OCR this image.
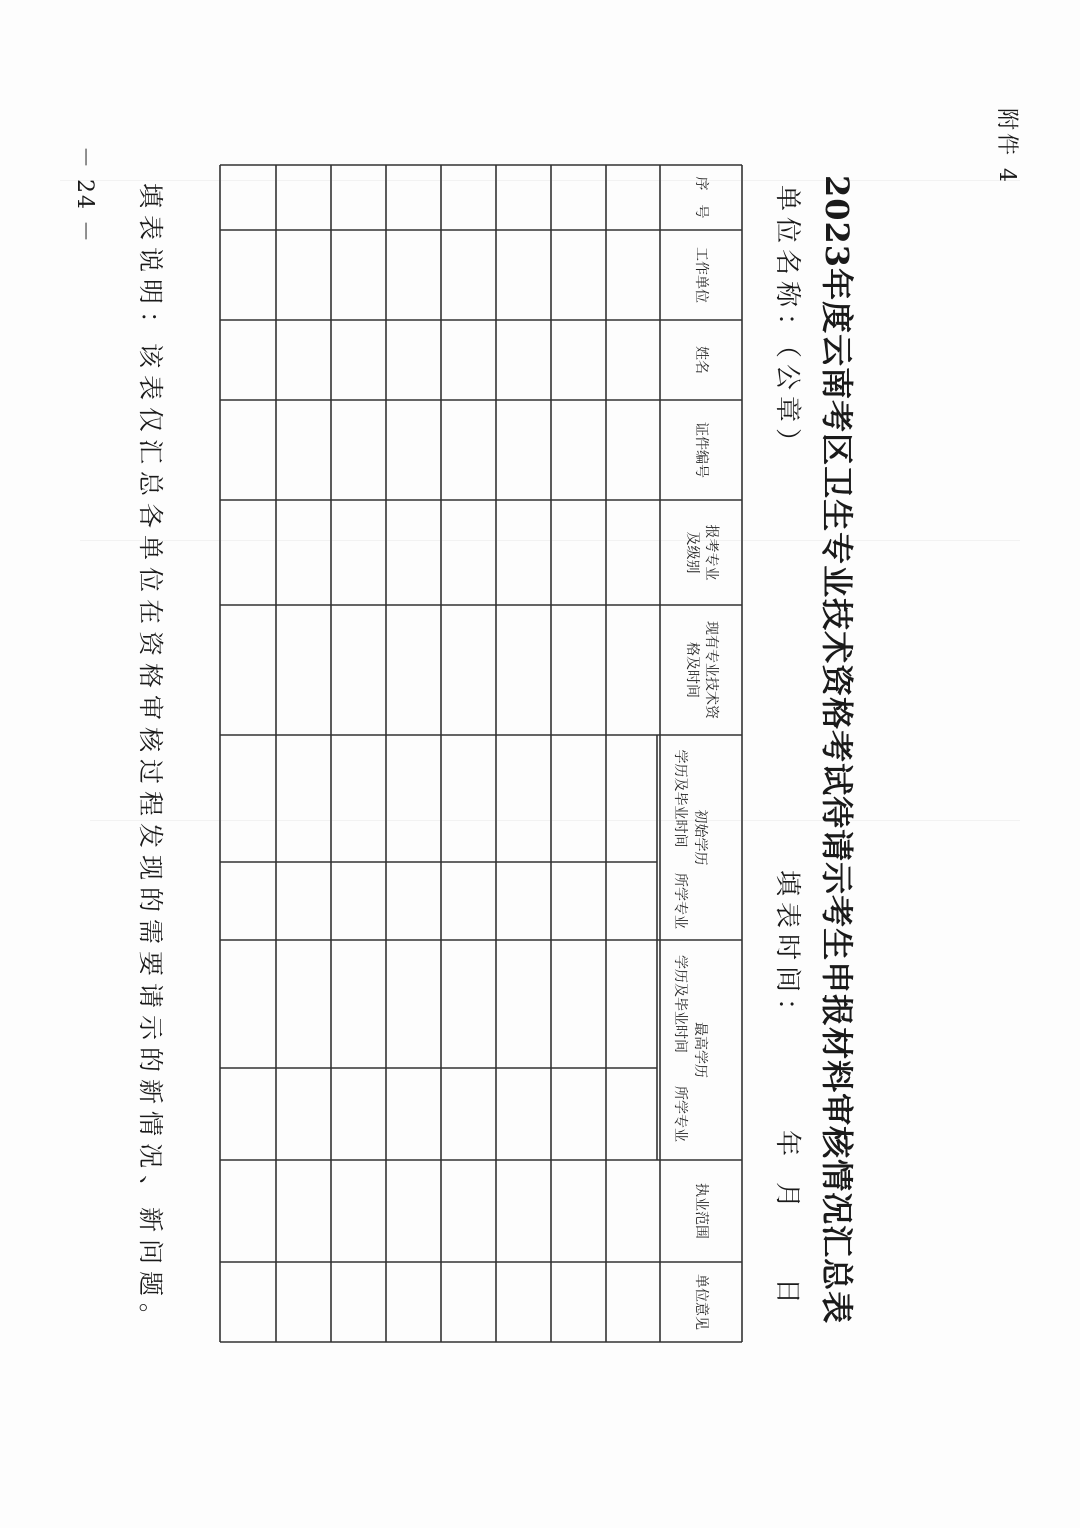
附件 4
2023年度云南考区卫生专业技术资格考试待请示考生申报材料审核情况汇总表
单位名称：（公章）
填表时间：
年
月
日
序　号
工作单位
姓名
证件编号
报考专业及级别
现有专业技术资格及时间
初始学历
最高学历
执业范围
单位意见
学历及毕业时间
所学专业
学历及毕业时间
所学专业
填表说明：该表仅汇总各单位在资格审核过程发现的需要请示的新情况、新问题。
－ 24 －
